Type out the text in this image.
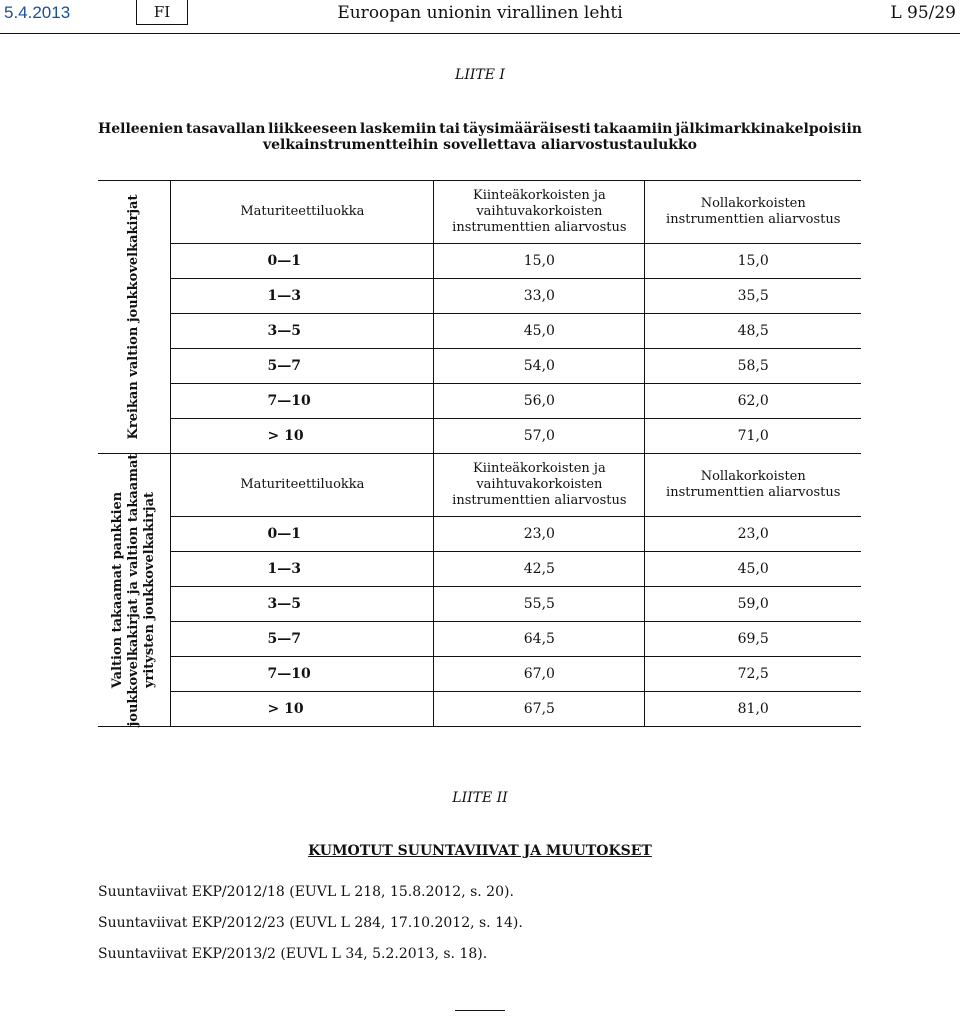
5.4.2013	FI	Euroopan unionin virallinen lehti	L 95/29
LIITE I
Helleenien tasavallan liikkeeseen laskemiin tai täysimääräisesti takaamiin jälkimarkkinakelpoisiin
velkainstrumentteihin sovellettava aliarvostustaulukko
Kreikan valtion joukkovelkakirjat	Maturiteettiluokka	Kiinteäkorkoisten ja vaihtuvakorkoisten instrumenttien aliarvostus	Nollakorkoisten instrumenttien aliarvostus
	0—1	15,0	15,0
	1—3	33,0	35,5
	3—5	45,0	48,5
	5—7	54,0	58,5
	7—10	56,0	62,0
	> 10	57,0	71,0

Valtion takaamat pankkien joukkovelkakirjat ja valtion takaamat yritysten joukkovelkakirjat	Maturiteettiluokka	Kiinteäkorkoisten ja vaihtuvakorkoisten instrumenttien aliarvostus	Nollakorkoisten instrumenttien aliarvostus
	0—1	23,0	23,0
	1—3	42,5	45,0
	3—5	55,5	59,0
	5—7	64,5	69,5
	7—10	67,0	72,5
	> 10	67,5	81,0
LIITE II
KUMOTUT SUUNTAVIIVAT JA MUUTOKSET
Suuntaviivat EKP/2012/18 (EUVL L 218, 15.8.2012, s. 20).
Suuntaviivat EKP/2012/23 (EUVL L 284, 17.10.2012, s. 14).
Suuntaviivat EKP/2013/2 (EUVL L 34, 5.2.2013, s. 18).
